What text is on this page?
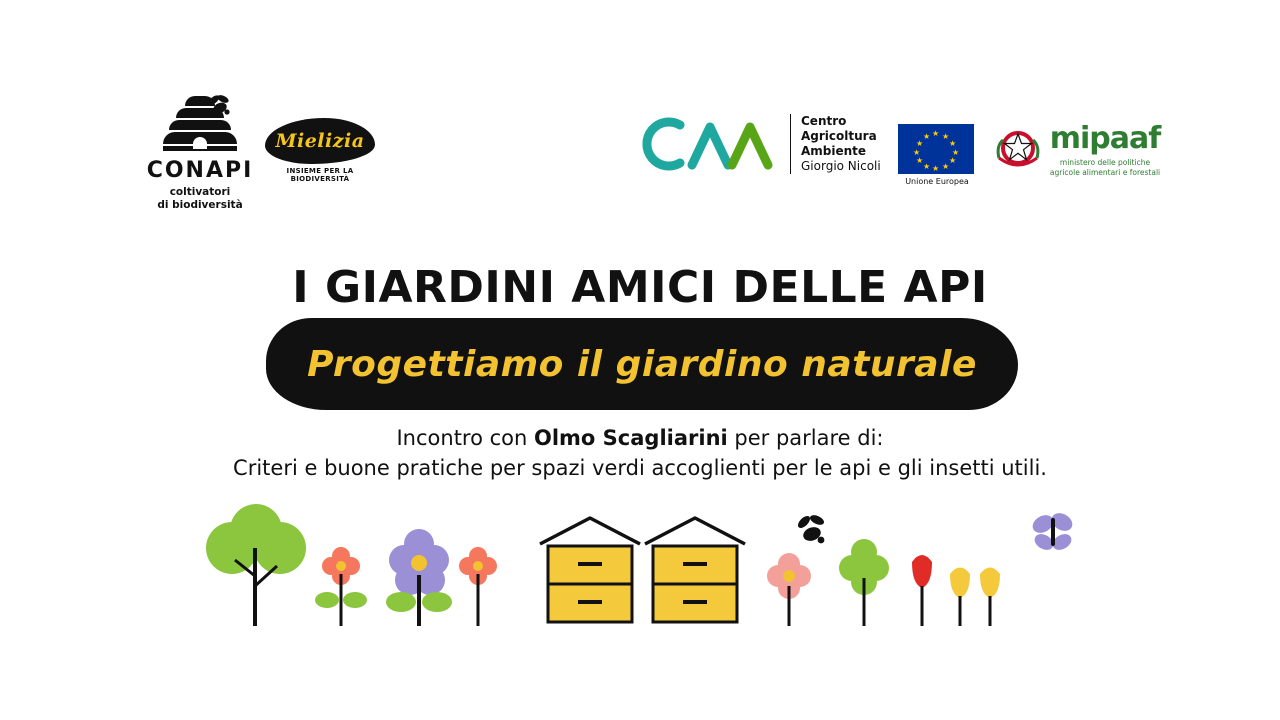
CONAPI
coltivatori
di biodiversità
Mielizia
INSIEME PER LA BIODIVERSITÀ
Centro
Agricoltura
Ambiente
Giorgio Nicoli
★ ★
★
★
★
★
★
★
★
★
★
★
Unione Europea
mipaaf
ministero delle politiche
agricole alimentari e forestali
I GIARDINI AMICI DELLE API
Progettiamo il giardino naturale
Incontro con Olmo Scagliarini per parlare di:
Criteri e buone pratiche per spazi verdi accoglienti per le api e gli insetti utili.
